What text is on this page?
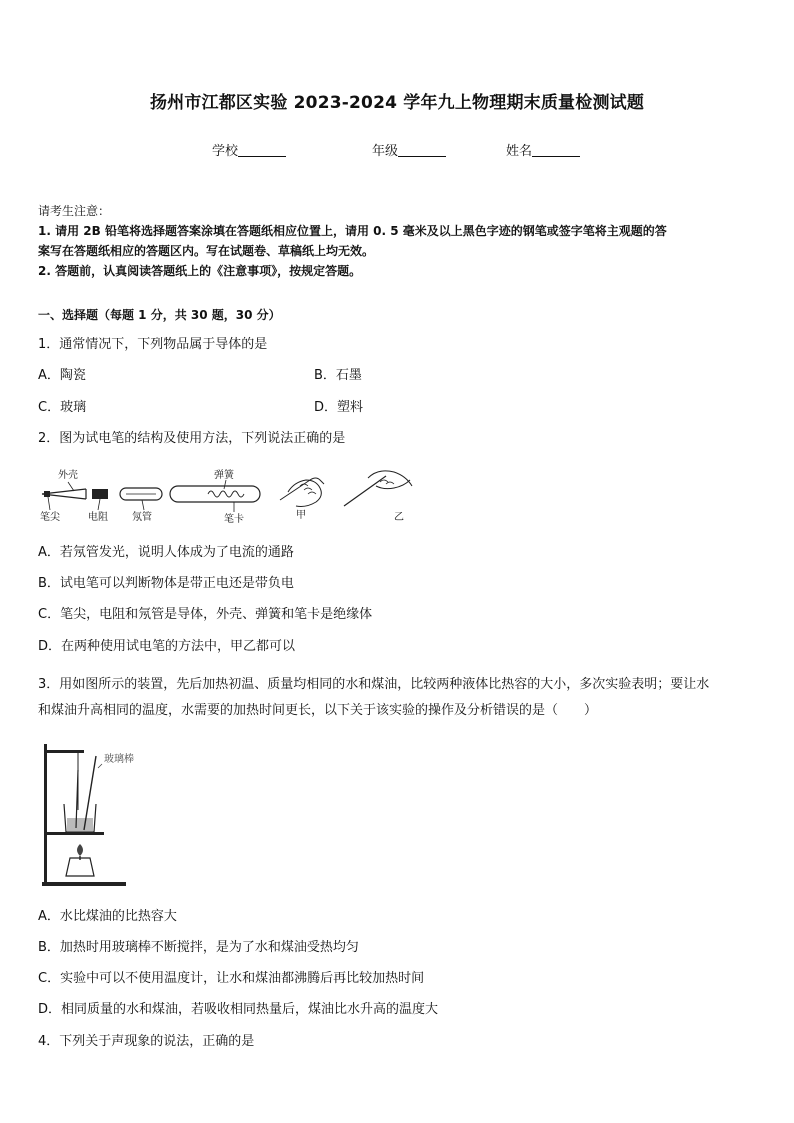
扬州市江都区实验 2023-2024 学年九上物理期末质量检测试题
学校	年级	姓名
请考生注意：
1. 请用 2B 铅笔将选择题答案涂填在答题纸相应位置上，请用 0. 5 毫米及以上黑色字迹的钢笔或签字笔将主观题的答
案写在答题纸相应的答题区内。写在试题卷、草稿纸上均无效。
2. 答题前，认真阅读答题纸上的《注意事项》，按规定答题。
一、选择题（每题 1 分，共 30 题，30 分）
1．通常情况下，下列物品属于导体的是
A．陶瓷	B．石墨
C．玻璃	D．塑料
2．图为试电笔的结构及使用方法，下列说法正确的是
外壳
笔尖	电阻 氖管
弹簧
笔卡	甲	乙
A．若氖管发光，说明人体成为了电流的通路
B．试电笔可以判断物体是带正电还是带负电
C．笔尖，电阻和氖管是导体，外壳、弹簧和笔卡是绝缘体
D．在两种使用试电笔的方法中，甲乙都可以
3．用如图所示的装置，先后加热初温、质量均相同的水和煤油，比较两种液体比热容的大小，多次实验表明；要让水
和煤油升高相同的温度，水需要的加热时间更长，以下关于该实验的操作及分析错误的是（　　）
玻璃棒
A．水比煤油的比热容大
B．加热时用玻璃棒不断搅拌，是为了水和煤油受热均匀
C．实验中可以不使用温度计，让水和煤油都沸腾后再比较加热时间
D．相同质量的水和煤油，若吸收相同热量后，煤油比水升高的温度大
4．下列关于声现象的说法，正确的是
